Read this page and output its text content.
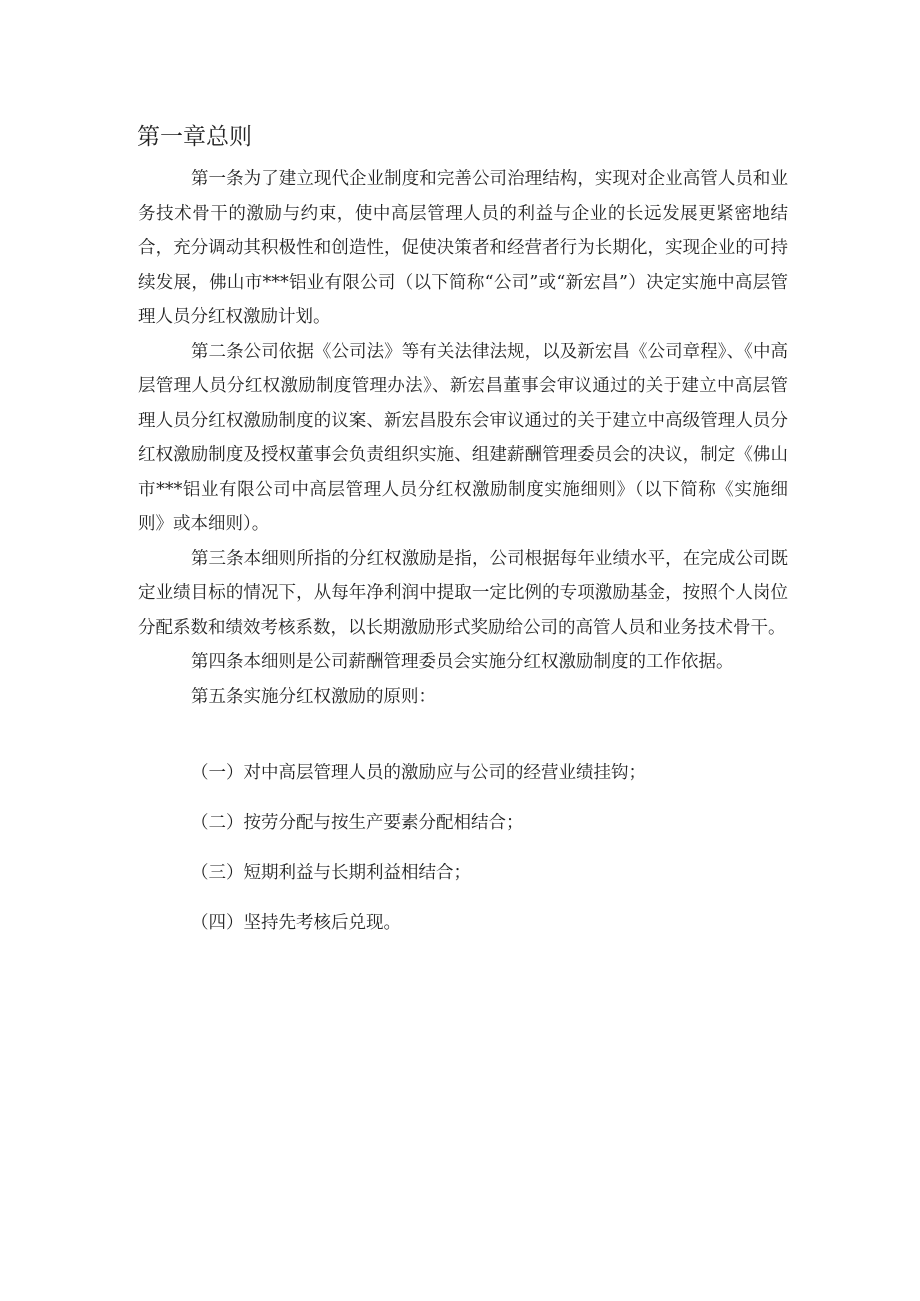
第一章总则

第一条为了建立现代企业制度和完善公司治理结构，实现对企业高管人员和业务技术骨干的激励与约束，使中高层管理人员的利益与企业的长远发展更紧密地结合，充分调动其积极性和创造性，促使决策者和经营者行为长期化，实现企业的可持续发展，佛山市***铝业有限公司（以下简称“公司”或“新宏昌”）决定实施中高层管理人员分红权激励计划。

第二条公司依据《公司法》等有关法律法规，以及新宏昌《公司章程》、《中高层管理人员分红权激励制度管理办法》、新宏昌董事会审议通过的关于建立中高层管理人员分红权激励制度的议案、新宏昌股东会审议通过的关于建立中高级管理人员分红权激励制度及授权董事会负责组织实施、组建薪酬管理委员会的决议，制定《佛山市***铝业有限公司中高层管理人员分红权激励制度实施细则》（以下简称《实施细则》或本细则）。

第三条本细则所指的分红权激励是指，公司根据每年业绩水平，在完成公司既定业绩目标的情况下，从每年净利润中提取一定比例的专项激励基金，按照个人岗位分配系数和绩效考核系数，以长期激励形式奖励给公司的高管人员和业务技术骨干。

第四条本细则是公司薪酬管理委员会实施分红权激励制度的工作依据。

第五条实施分红权激励的原则：

（一）对中高层管理人员的激励应与公司的经营业绩挂钩；

（二）按劳分配与按生产要素分配相结合；

（三）短期利益与长期利益相结合；

（四）坚持先考核后兑现。
